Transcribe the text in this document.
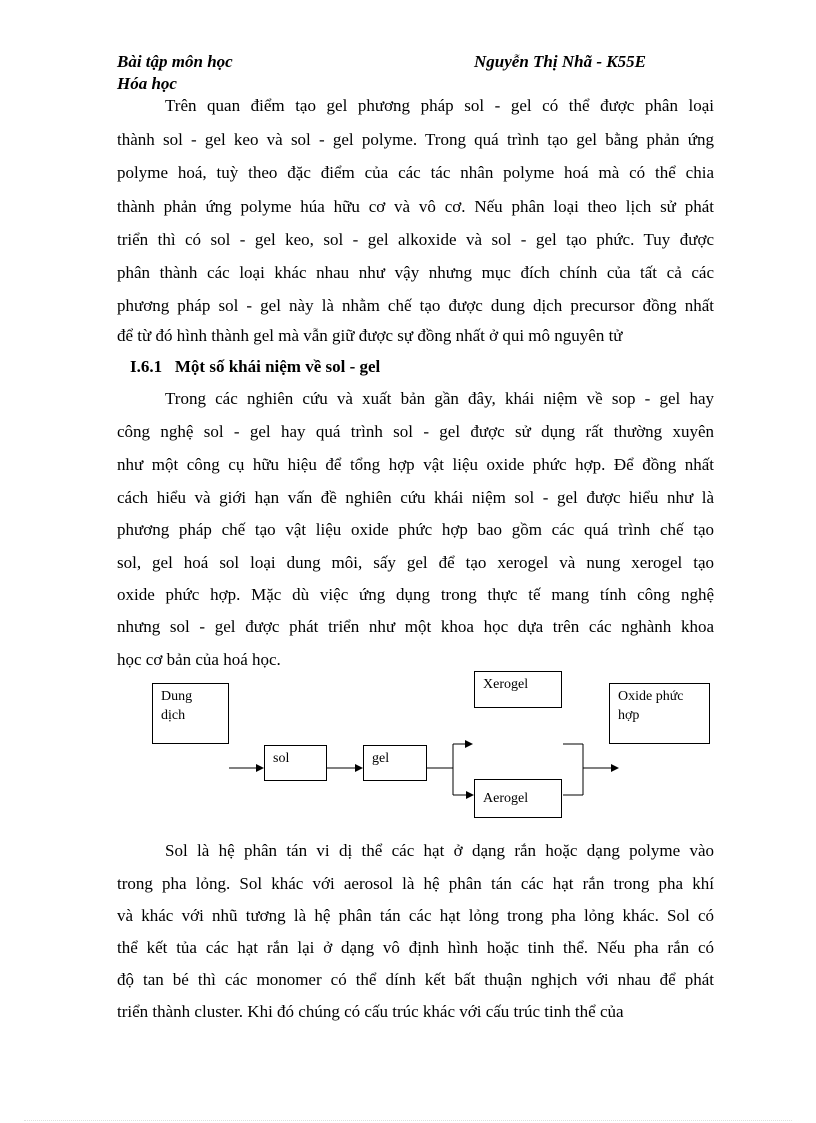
Bài tập môn học
Hóa học
Nguyễn Thị Nhã - K55E
Trên quan điểm tạo gel phương pháp sol - gel có thể được phân loại
thành sol - gel keo và sol - gel polyme. Trong quá trình tạo gel bằng phản ứng
polyme hoá, tuỳ theo đặc điểm của các tác nhân polyme hoá mà có thể chia
thành phản ứng polyme húa hữu cơ và vô cơ. Nếu phân loại theo lịch sử phát
triển thì có sol - gel keo, sol - gel alkoxide và sol - gel tạo phức. Tuy được
phân thành các loại khác nhau như vậy nhưng mục đích chính của tất cả các
phương pháp sol - gel này là nhằm chế tạo được dung dịch precursor đồng nhất
để từ đó hình thành gel mà vẫn giữ được sự đồng nhất ở qui mô nguyên tử
I.6.1 Một số khái niệm về sol - gel
Trong các nghiên cứu và xuất bản gần đây, khái niệm về sop - gel hay
công nghệ sol - gel hay quá trình sol - gel được sử dụng rất thường xuyên
như một công cụ hữu hiệu để tổng hợp vật liệu oxide phức hợp. Để đồng nhất
cách hiểu và giới hạn vấn đề nghiên cứu khái niệm sol - gel được hiểu như là
phương pháp chế tạo vật liệu oxide phức hợp bao gồm các quá trình chế tạo
sol, gel hoá sol loại dung môi, sấy gel để tạo xerogel và nung xerogel tạo
oxide phức hợp. Mặc dù việc ứng dụng trong thực tế mang tính công nghệ
nhưng sol - gel được phát triển như một khoa học dựa trên các nghành khoa
học cơ bản của hoá học.
Dung
dịch
sol	gel
Xerogel
Aerogel
Oxide phức
hợp
Sol là hệ phân tán vi dị thể các hạt ở dạng rắn hoặc dạng polyme vào
trong pha lỏng. Sol khác với aerosol là hệ phân tán các hạt rắn trong pha khí
và khác với nhũ tương là hệ phân tán các hạt lỏng trong pha lỏng khác. Sol có
thể kết tủa các hạt rắn lại ở dạng vô định hình hoặc tinh thể. Nếu pha rắn có
độ tan bé thì các monomer có thể dính kết bất thuận nghịch với nhau để phát
triển thành cluster. Khi đó chúng có cấu trúc khác với cấu trúc tinh thể của
